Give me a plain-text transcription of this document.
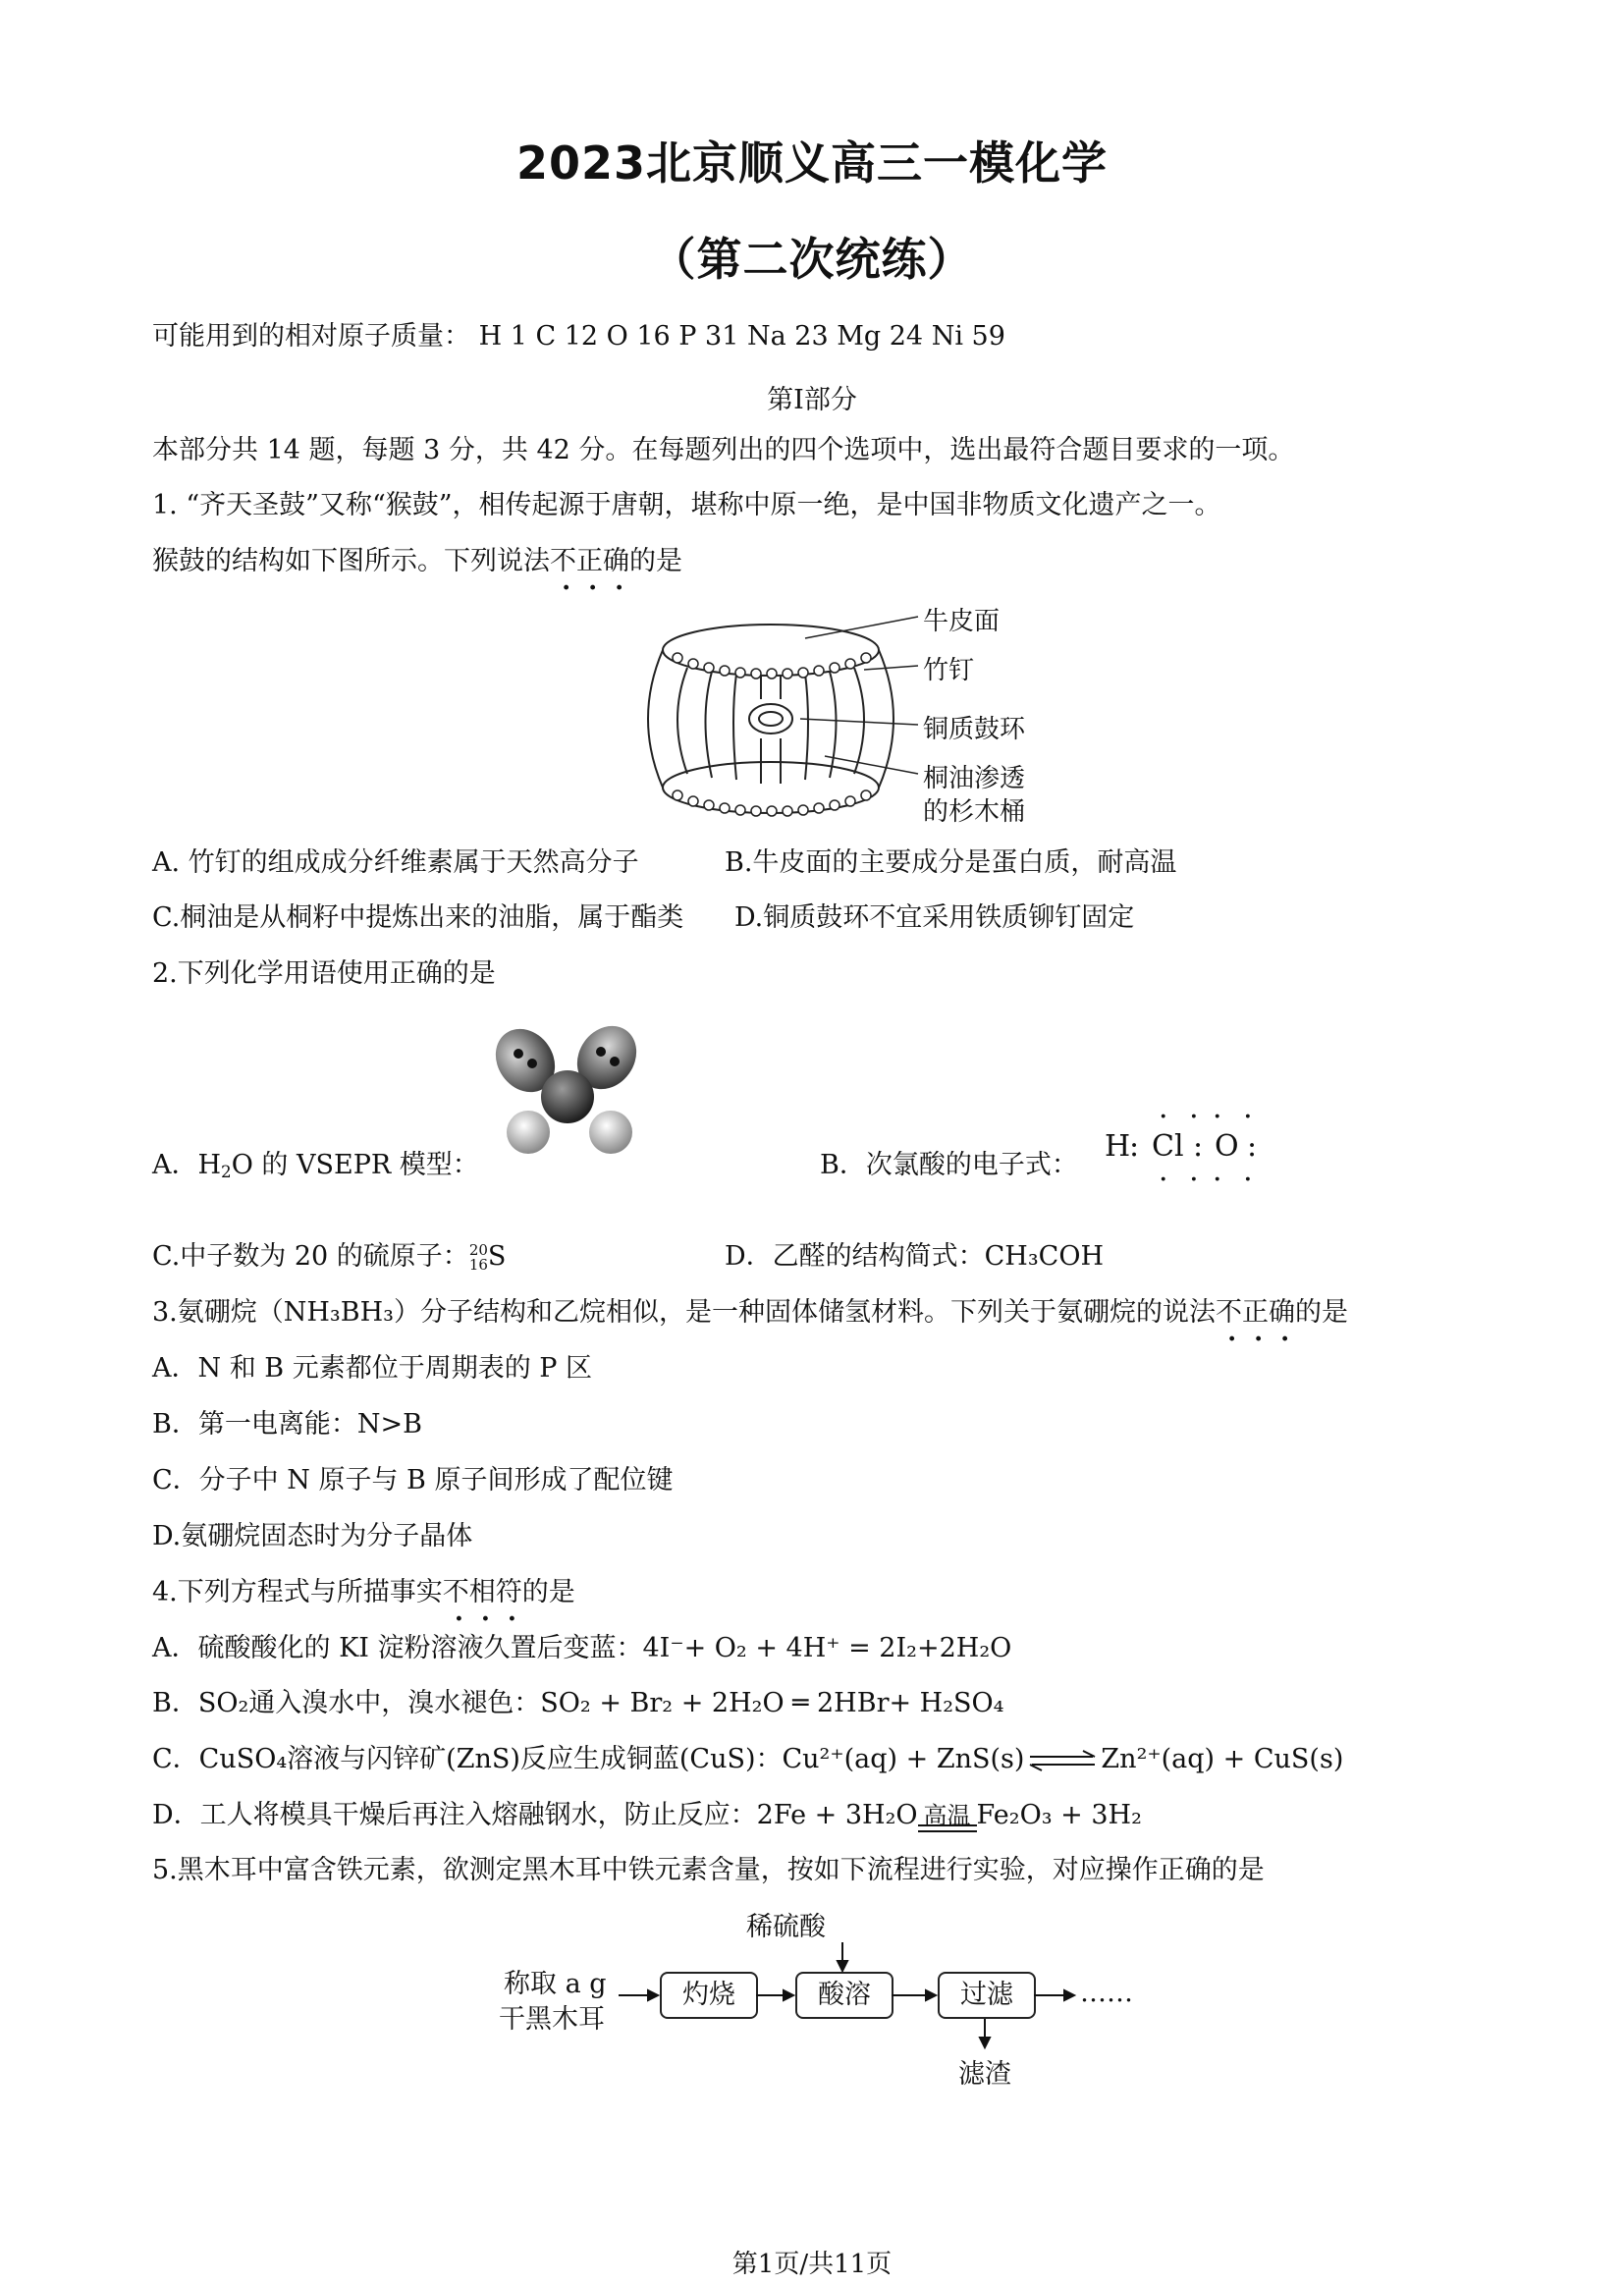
2023北京顺义高三一模化学
（第二次统练）
可能用到的相对原子质量： H 1 C 12 O 16 P 31 Na 23 Mg 24 Ni 59
第Ⅰ部分
本部分共 14 题，每题 3 分，共 42 分。在每题列出的四个选项中，选出最符合题目要求的一项。
1. “齐天圣鼓”又称“猴鼓”，相传起源于唐朝，堪称中原一绝，是中国非物质文化遗产之一。
猴鼓的结构如下图所示。下列说法不正确的是
牛皮面
竹钉
铜质鼓环
桐油渗透
的杉木桶
A. 竹钉的组成成分纤维素属于天然高分子	B.牛皮面的主要成分是蛋白质，耐高温
C.桐油是从桐籽中提炼出来的油脂，属于酯类 D.铜质鼓环不宜采用铁质铆钉固定
2.下列化学用语使用正确的是
A．$H_2O$ 的 VSEPR 模型：	B．次氯酸的电子式：
H
: Cl : O :
· · · ·
· · · ·
C.中子数为 20 的硫原子：20
16S	D．乙醛的结构简式：CH₃COH
3.氨硼烷（NH₃BH₃）分子结构和乙烷相似，是一种固体储氢材料。下列关于氨硼烷的说法不正确的是
A．N 和 B 元素都位于周期表的 P 区
B．第一电离能：N>B
C．分子中 N 原子与 B 原子间形成了配位键
D.氨硼烷固态时为分子晶体
4.下列方程式与所描事实不相符的是
A．硫酸酸化的 KI 淀粉溶液久置后变蓝：4I⁻+ O₂ + 4H⁺ = 2I₂+2H₂O
B．SO₂通入溴水中，溴水褪色：SO₂ + Br₂ + 2H₂O ═ 2HBr+ H₂SO₄
C．CuSO₄溶液与闪锌矿(ZnS)反应生成铜蓝(CuS)：Cu²⁺(aq) + ZnS(s) ⇌ Zn²⁺(aq) + CuS(s)
D．工人将模具干燥后再注入熔融钢水，防止反应：2Fe + 3H₂O 高温 Fe₂O₃ + 3H₂
5.黑木耳中富含铁元素，欲测定黑木耳中铁元素含量，按如下流程进行实验，对应操作正确的是
稀硫酸
称取 a g
干黑木耳
灼烧	酸溶	过滤	……
滤渣
第1页/共11页
